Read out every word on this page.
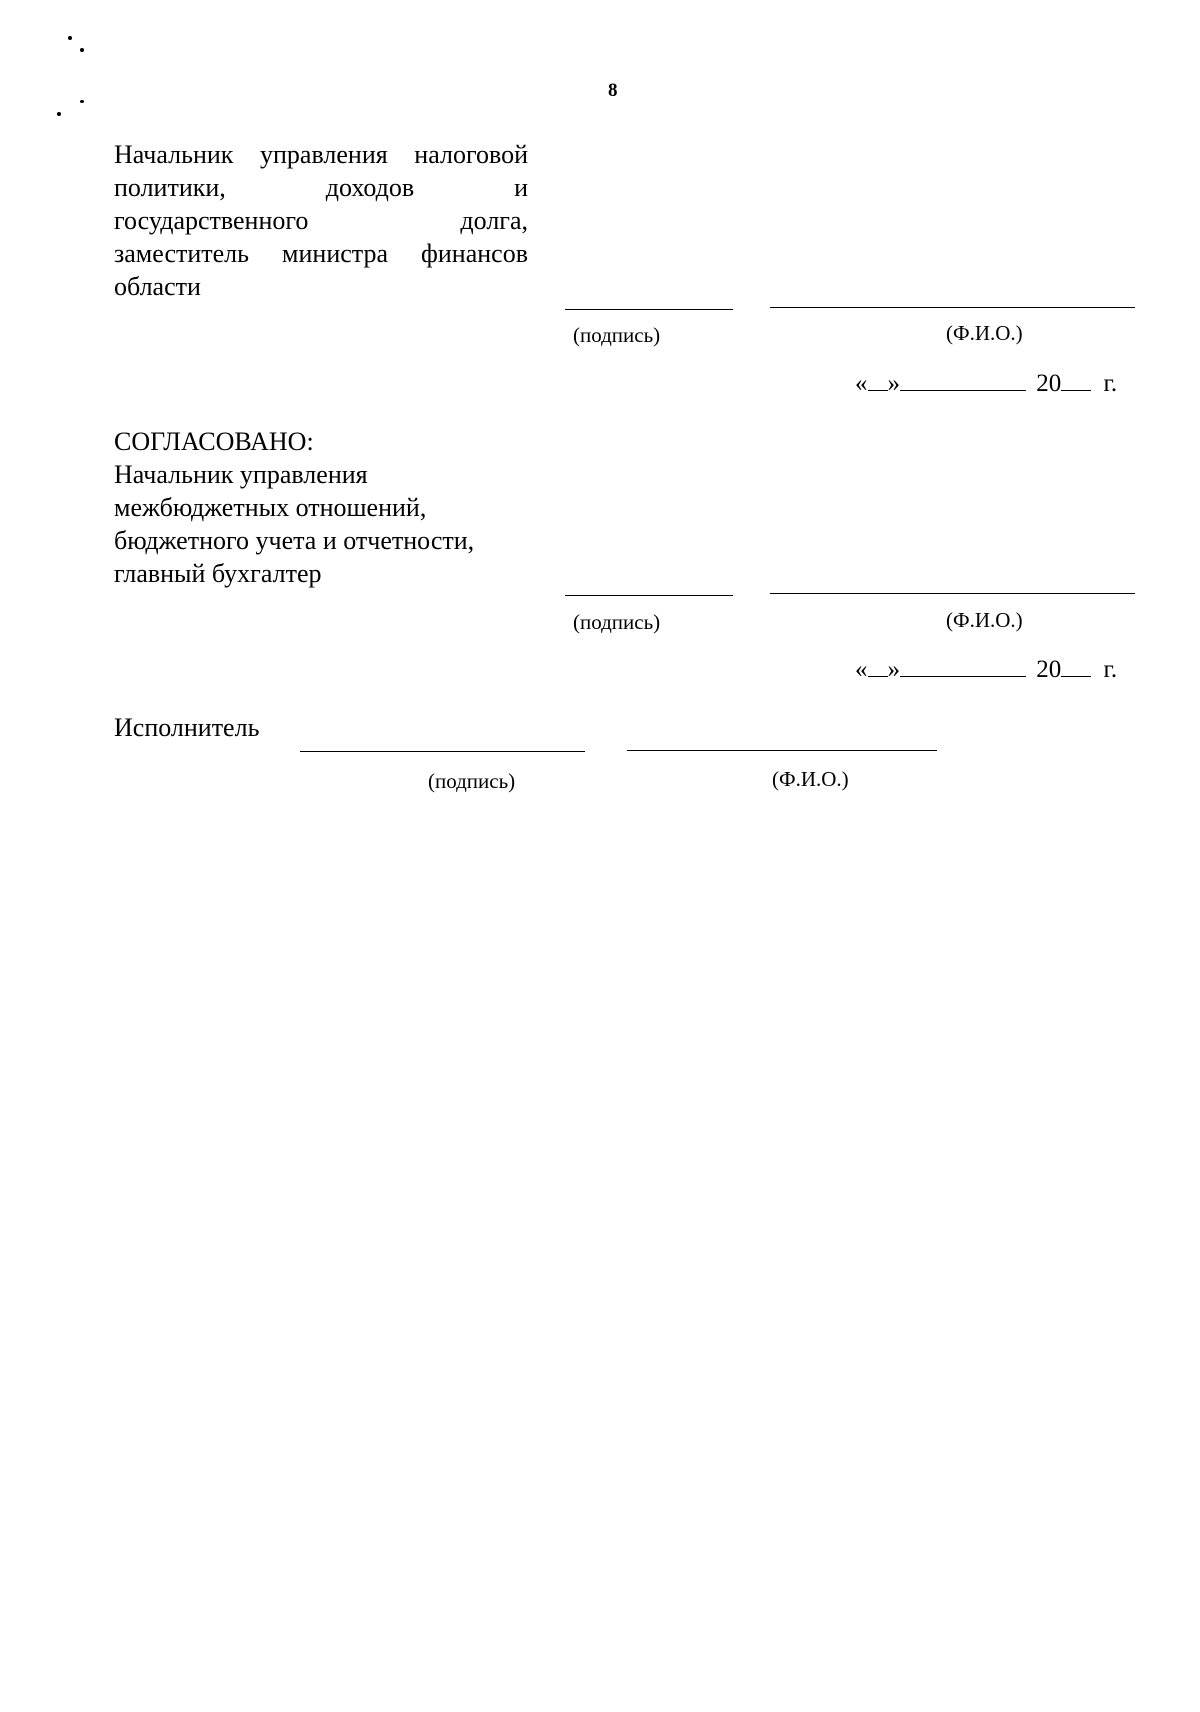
8
Начальник управления налоговой
политики, доходов и
государственного долга,
заместитель министра финансов
области
(подпись)	(Ф.И.О.)
« »	20 г.
СОГЛАСОВАНО:
Начальник управления
межбюджетных отношений,
бюджетного учета и отчетности,
главный бухгалтер
(подпись)	(Ф.И.О.)
« »	20 г.
Исполнитель
(подпись)	(Ф.И.О.)
